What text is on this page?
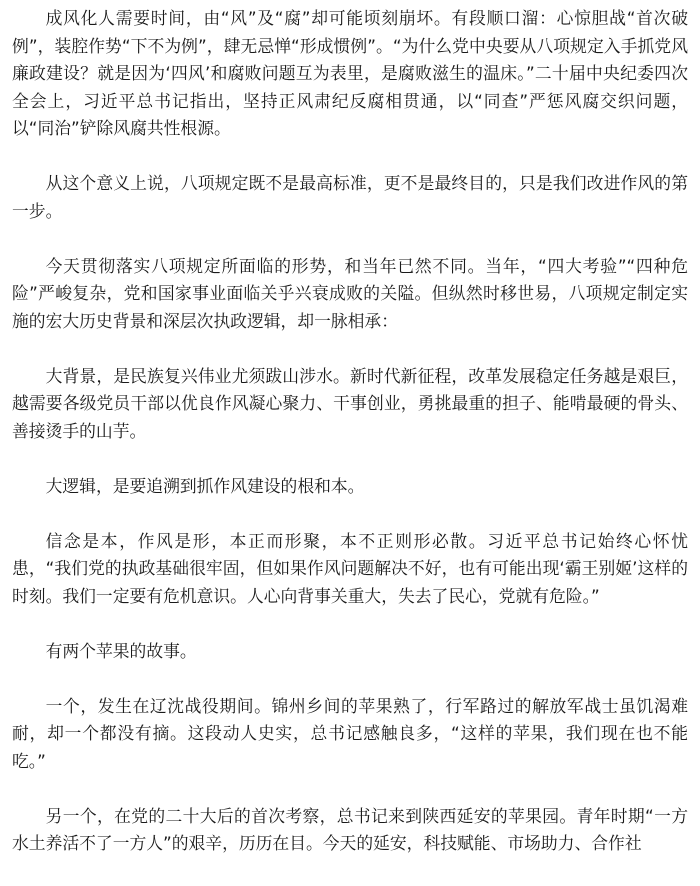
成风化人需要时间，由“风”及“腐”却可能顷刻崩坏。有段顺口溜：心惊胆战“首次破例”，装腔作势“下不为例”，肆无忌惮“形成惯例”。“为什么党中央要从八项规定入手抓党风廉政建设？就是因为‘四风’和腐败问题互为表里，是腐败滋生的温床。”二十届中央纪委四次全会上，习近平总书记指出，坚持正风肃纪反腐相贯通，以“同查”严惩风腐交织问题，以“同治”铲除风腐共性根源。

从这个意义上说，八项规定既不是最高标准，更不是最终目的，只是我们改进作风的第一步。

今天贯彻落实八项规定所面临的形势，和当年已然不同。当年，“四大考验”“四种危险”严峻复杂，党和国家事业面临关乎兴衰成败的关隘。但纵然时移世易，八项规定制定实施的宏大历史背景和深层次执政逻辑，却一脉相承：

大背景，是民族复兴伟业尤须跋山涉水。新时代新征程，改革发展稳定任务越是艰巨，越需要各级党员干部以优良作风凝心聚力、干事创业，勇挑最重的担子、能啃最硬的骨头、善接烫手的山芋。

大逻辑，是要追溯到抓作风建设的根和本。

信念是本，作风是形，本正而形聚，本不正则形必散。习近平总书记始终心怀忧患，“我们党的执政基础很牢固，但如果作风问题解决不好，也有可能出现‘霸王别姬’这样的时刻。我们一定要有危机意识。人心向背事关重大，失去了民心，党就有危险。”

有两个苹果的故事。

一个，发生在辽沈战役期间。锦州乡间的苹果熟了，行军路过的解放军战士虽饥渴难耐，却一个都没有摘。这段动人史实，总书记感触良多，“这样的苹果，我们现在也不能吃。”

另一个，在党的二十大后的首次考察，总书记来到陕西延安的苹果园。青年时期“一方水土养活不了一方人”的艰辛，历历在目。今天的延安，科技赋能、市场助力、合作社
